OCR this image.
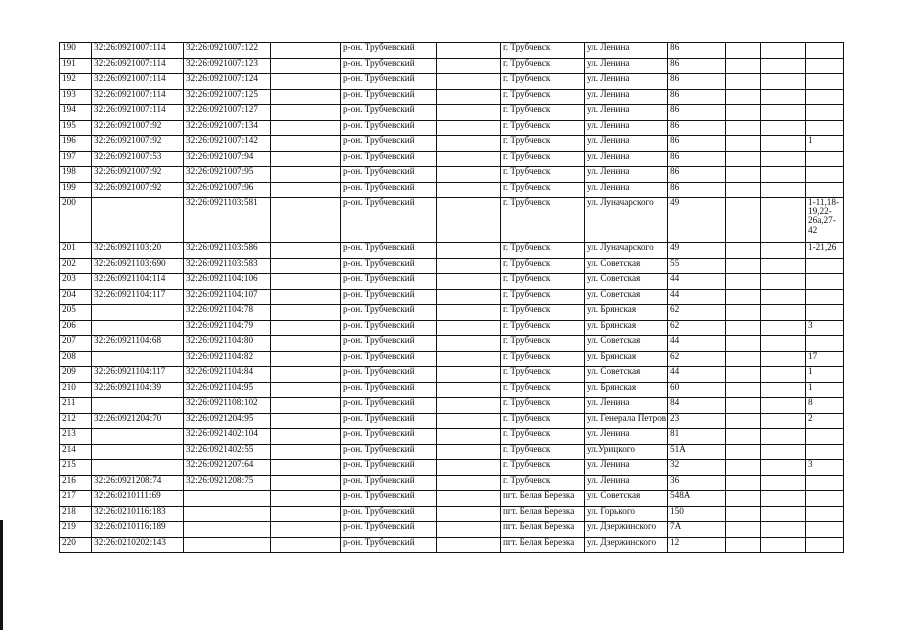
190	32:26:0921007:114	32:26:0921007:122		р-он. Трубчевский		г. Трубчевск	ул. Ленина	86			
191	32:26:0921007:114	32:26:0921007:123		р-он. Трубчевский		г. Трубчевск	ул. Ленина	86			
192	32:26:0921007:114	32:26:0921007:124		р-он. Трубчевский		г. Трубчевск	ул. Ленина	86			
193	32:26:0921007:114	32:26:0921007:125		р-он. Трубчевский		г. Трубчевск	ул. Ленина	86			
194	32:26:0921007:114	32:26:0921007:127		р-он. Трубчевский		г. Трубчевск	ул. Ленина	86			
195	32:26:0921007:92	32:26:0921007:134		р-он. Трубчевский		г. Трубчевск	ул. Ленина	86			
196	32:26:0921007:92	32:26:0921007:142		р-он. Трубчевский		г. Трубчевск	ул. Ленина	86			1
197	32:26:0921007:53	32:26:0921007:94		р-он. Трубчевский		г. Трубчевск	ул. Ленина	86			
198	32:26:0921007:92	32:26:0921007:95		р-он. Трубчевский		г. Трубчевск	ул. Ленина	86			
199	32:26:0921007:92	32:26:0921007:96		р-он. Трубчевский		г. Трубчевск	ул. Ленина	86			
200		32:26:0921103:581		р-он. Трубчевский		г. Трубчевск	ул. Луначарского	49			1-11,18-19,22-26а,27-42
201	32:26:0921103:20	32:26:0921103:586		р-он. Трубчевский		г. Трубчевск	ул. Луначарского	49			1-21,26
202	32:26:0921103:690	32:26:0921103:583		р-он. Трубчевский		г. Трубчевск	ул. Советская	55			
203	32:26:0921104:114	32:26:0921104:106		р-он. Трубчевский		г. Трубчевск	ул. Советская	44			
204	32:26:0921104:117	32:26:0921104:107		р-он. Трубчевский		г. Трубчевск	ул. Советская	44			
205		32:26:0921104:78		р-он. Трубчевский		г. Трубчевск	ул. Брянская	62			
206		32:26:0921104:79		р-он. Трубчевский		г. Трубчевск	ул. Брянская	62			3
207	32:26:0921104:68	32:26:0921104:80		р-он. Трубчевский		г. Трубчевск	ул. Советская	44			
208		32:26:0921104:82		р-он. Трубчевский		г. Трубчевск	ул. Брянская	62			17
209	32:26:0921104:117	32:26:0921104:84		р-он. Трубчевский		г. Трубчевск	ул. Советская	44			1
210	32:26:0921104:39	32:26:0921104:95		р-он. Трубчевский		г. Трубчевск	ул. Брянская	60			1
211		32:26:0921108:102		р-он. Трубчевский		г. Трубчевск	ул. Ленина	84			8
212	32:26:0921204:70	32:26:0921204:95		р-он. Трубчевский		г. Трубчевск	ул. Генерала Петров	23			2
213		32:26:0921402:104		р-он. Трубчевский		г. Трубчевск	ул. Ленина	81			
214		32:26:0921402:55		р-он. Трубчевский		г. Трубчевск	ул.Урицкого	51А			
215		32:26:0921207:64		р-он. Трубчевский		г. Трубчевск	ул. Ленина	32			3
216	32:26:0921208:74	32:26:0921208:75		р-он. Трубчевский		г. Трубчевск	ул. Ленина	36			
217	32:26:0210111:69			р-он. Трубчевский		пгт. Белая Березка	ул. Советская	548А			
218	32:26:0210116:183			р-он. Трубчевский		пгт. Белая Березка	ул. Горького	150			
219	32:26:0210116:189			р-он. Трубчевский		пгт. Белая Березка	ул. Дзержинского	7А			
220	32:26:0210202:143			р-он. Трубчевский		пгт. Белая Березка	ул. Дзержинского	12			
